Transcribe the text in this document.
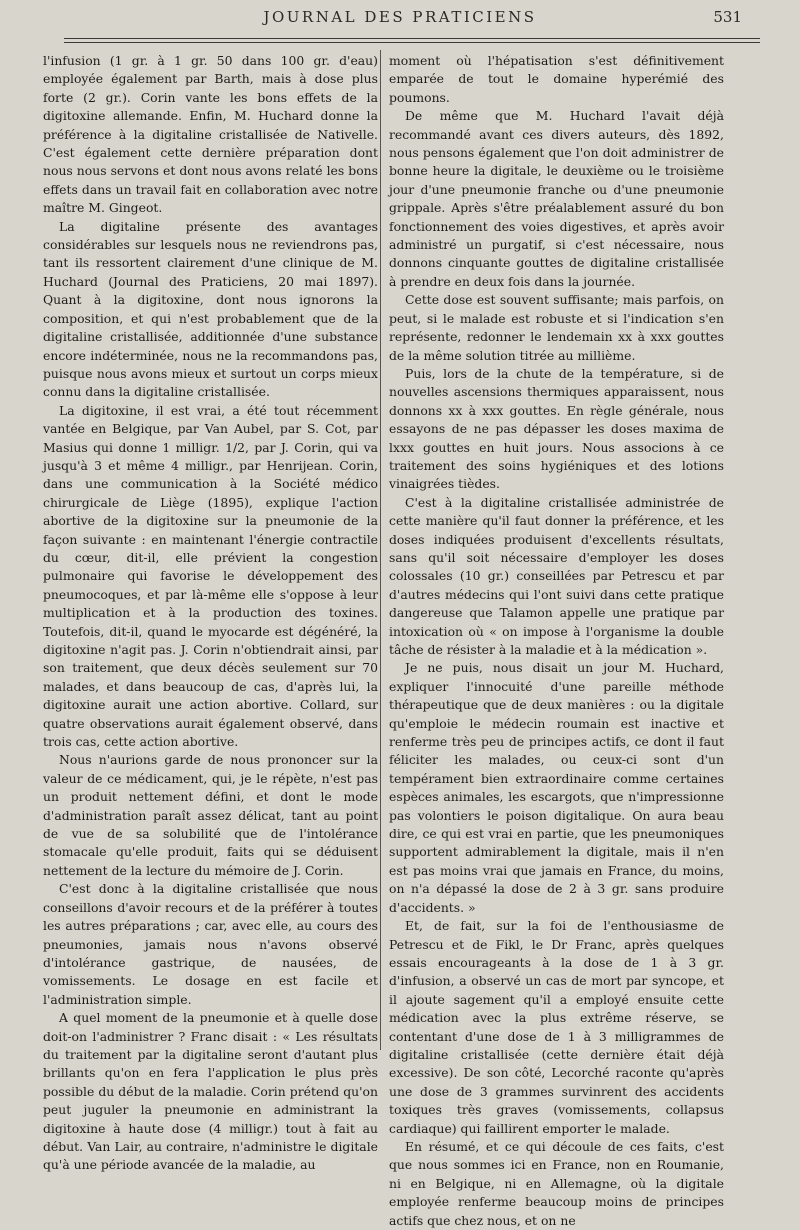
JOURNAL DES PRATICIENS	531

l'infusion (1 gr. à 1 gr. 50 dans 100 gr. d'eau) employée également par Barth, mais à dose plus forte (2 gr.). Corin vante les bons effets de la digitoxine allemande. Enfin, M. Huchard donne la préférence à la digitaline cristallisée de Nativelle. C'est également cette dernière préparation dont nous nous servons et dont nous avons relaté les bons effets dans un travail fait en collaboration avec notre maître M. Gingeot.

La digitaline présente des avantages considérables sur lesquels nous ne reviendrons pas, tant ils ressortent clairement d'une clinique de M. Huchard (Journal des Praticiens, 20 mai 1897). Quant à la digitoxine, dont nous ignorons la composition, et qui n'est probablement que de la digitaline cristallisée, additionnée d'une substance encore indéterminée, nous ne la recommandons pas, puisque nous avons mieux et surtout un corps mieux connu dans la digitaline cristallisée.

La digitoxine, il est vrai, a été tout récemment vantée en Belgique, par Van Aubel, par S. Cot, par Masius qui donne 1 milligr. 1/2, par J. Corin, qui va jusqu'à 3 et même 4 milligr., par Henrijean. Corin, dans une communication à la Société médico chirurgicale de Liège (1895), explique l'action abortive de la digitoxine sur la pneumonie de la façon suivante : en maintenant l'énergie contractile du cœur, dit-il, elle prévient la congestion pulmonaire qui favorise le développement des pneumocoques, et par là-même elle s'oppose à leur multiplication et à la production des toxines. Toutefois, dit-il, quand le myocarde est dégénéré, la digitoxine n'agit pas. J. Corin n'obtiendrait ainsi, par son traitement, que deux décès seulement sur 70 malades, et dans beaucoup de cas, d'après lui, la digitoxine aurait une action abortive. Collard, sur quatre observations aurait également observé, dans trois cas, cette action abortive.

Nous n'aurions garde de nous prononcer sur la valeur de ce médicament, qui, je le répète, n'est pas un produit nettement défini, et dont le mode d'administration paraît assez délicat, tant au point de vue de sa solubilité que de l'intolérance stomacale qu'elle produit, faits qui se déduisent nettement de la lecture du mémoire de J. Corin.

C'est donc à la digitaline cristallisée que nous conseillons d'avoir recours et de la préférer à toutes les autres préparations ; car, avec elle, au cours des pneumonies, jamais nous n'avons observé d'intolérance gastrique, de nausées, de vomissements. Le dosage en est facile et l'administration simple.

A quel moment de la pneumonie et à quelle dose doit-on l'administrer ? Franc disait : « Les résultats du traitement par la digitaline seront d'autant plus brillants qu'on en fera l'application le plus près possible du début de la maladie. Corin prétend qu'on peut juguler la pneumonie en administrant la digitoxine à haute dose (4 milligr.) tout à fait au début. Van Lair, au contraire, n'administre le digitale qu'à une période avancée de la maladie, au

moment où l'hépatisation s'est définitivement emparée de tout le domaine hyperémié des poumons.

De même que M. Huchard l'avait déjà recommandé avant ces divers auteurs, dès 1892, nous pensons également que l'on doit administrer de bonne heure la digitale, le deuxième ou le troisième jour d'une pneumonie franche ou d'une pneumonie grippale. Après s'être préalablement assuré du bon fonctionnement des voies digestives, et après avoir administré un purgatif, si c'est nécessaire, nous donnons cinquante gouttes de digitaline cristallisée à prendre en deux fois dans la journée.

Cette dose est souvent suffisante; mais parfois, on peut, si le malade est robuste et si l'indication s'en représente, redonner le lendemain xx à xxx gouttes de la même solution titrée au millième.

Puis, lors de la chute de la température, si de nouvelles ascensions thermiques apparaissent, nous donnons xx à xxx gouttes. En règle générale, nous essayons de ne pas dépasser les doses maxima de lxxx gouttes en huit jours. Nous associons à ce traitement des soins hygiéniques et des lotions vinaigrées tièdes.

C'est à la digitaline cristallisée administrée de cette manière qu'il faut donner la préférence, et les doses indiquées produisent d'excellents résultats, sans qu'il soit nécessaire d'employer les doses colossales (10 gr.) conseillées par Petrescu et par d'autres médecins qui l'ont suivi dans cette pratique dangereuse que Talamon appelle une pratique par intoxication où « on impose à l'organisme la double tâche de résister à la maladie et à la médication ».

Je ne puis, nous disait un jour M. Huchard, expliquer l'innocuité d'une pareille méthode thérapeutique que de deux manières : ou la digitale qu'emploie le médecin roumain est inactive et renferme très peu de principes actifs, ce dont il faut féliciter les malades, ou ceux-ci sont d'un tempérament bien extraordinaire comme certaines espèces animales, les escargots, que n'impressionne pas volontiers le poison digitalique. On aura beau dire, ce qui est vrai en partie, que les pneumoniques supportent admirablement la digitale, mais il n'en est pas moins vrai que jamais en France, du moins, on n'a dépassé la dose de 2 à 3 gr. sans produire d'accidents. »

Et, de fait, sur la foi de l'enthousiasme de Petrescu et de Fikl, le Dr Franc, après quelques essais encourageants à la dose de 1 à 3 gr. d'infusion, a observé un cas de mort par syncope, et il ajoute sagement qu'il a employé ensuite cette médication avec la plus extrême réserve, se contentant d'une dose de 1 à 3 milligrammes de digitaline cristallisée (cette dernière était déjà excessive). De son côté, Lecorché raconte qu'après une dose de 3 grammes survinrent des accidents toxiques très graves (vomissements, collapsus cardiaque) qui faillirent emporter le malade.

En résumé, et ce qui découle de ces faits, c'est que nous sommes ici en France, non en Roumanie, ni en Belgique, ni en Allemagne, où la digitale employée renferme beaucoup moins de principes actifs que chez nous, et on ne
